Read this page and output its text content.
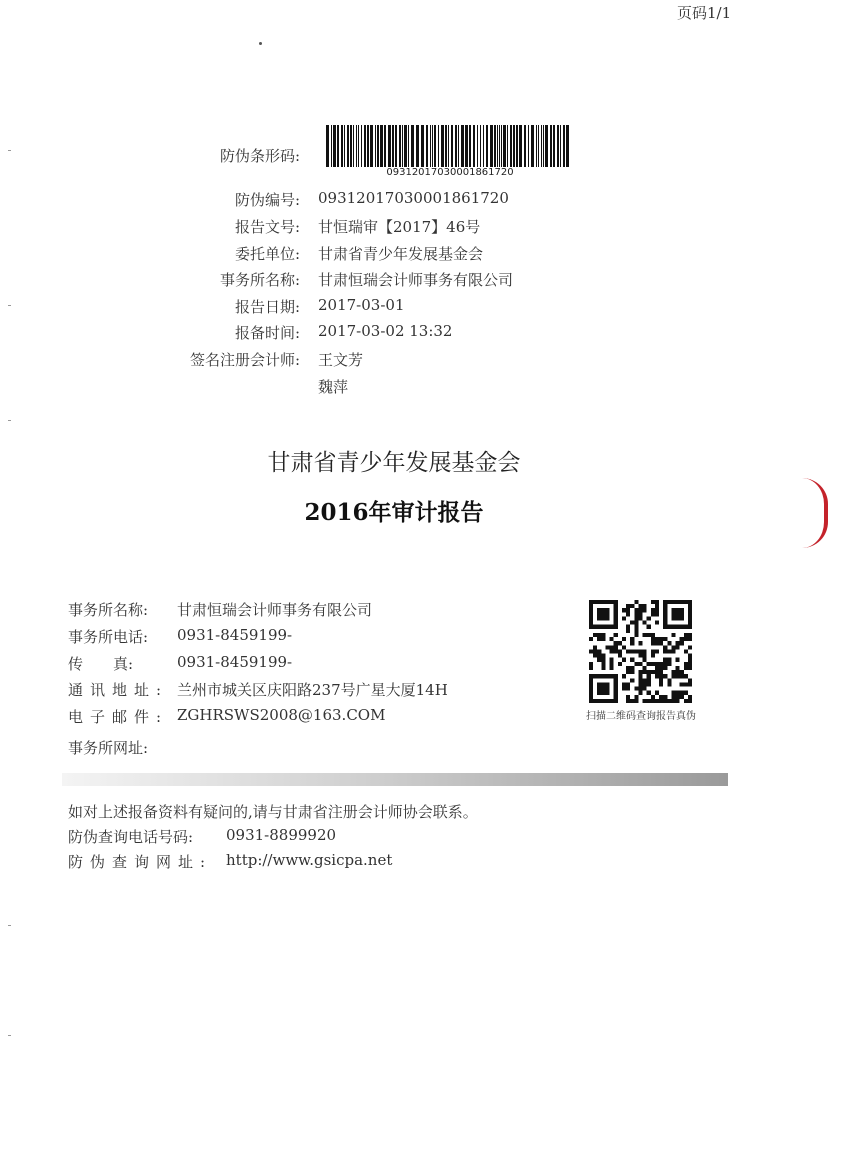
页码1/1
防伪条形码:
09312017030001861720
防伪编号: 09312017030001861720
报告文号: 甘恒瑞审【2017】46号
委托单位: 甘肃省青少年发展基金会
事务所名称: 甘肃恒瑞会计师事务有限公司
报告日期: 2017-03-01
报备时间: 2017-03-02 13:32
签名注册会计师: 王文芳
魏萍
甘肃省青少年发展基金会
2016年审计报告
事务所名称: 甘肃恒瑞会计师事务有限公司
事务所电话: 0931-8459199-
传　　真:	0931-8459199-
通讯地址: 兰州市城关区庆阳路237号广星大厦14H
电子邮件: ZGHRSWS2008@163.COM
事务所网址:
扫描二维码查询报告真伪
如对上述报备资料有疑问的,请与甘肃省注册会计师协会联系。
防伪查询电话号码: 0931-8899920
防伪查询网址: http://www.gsicpa.net
